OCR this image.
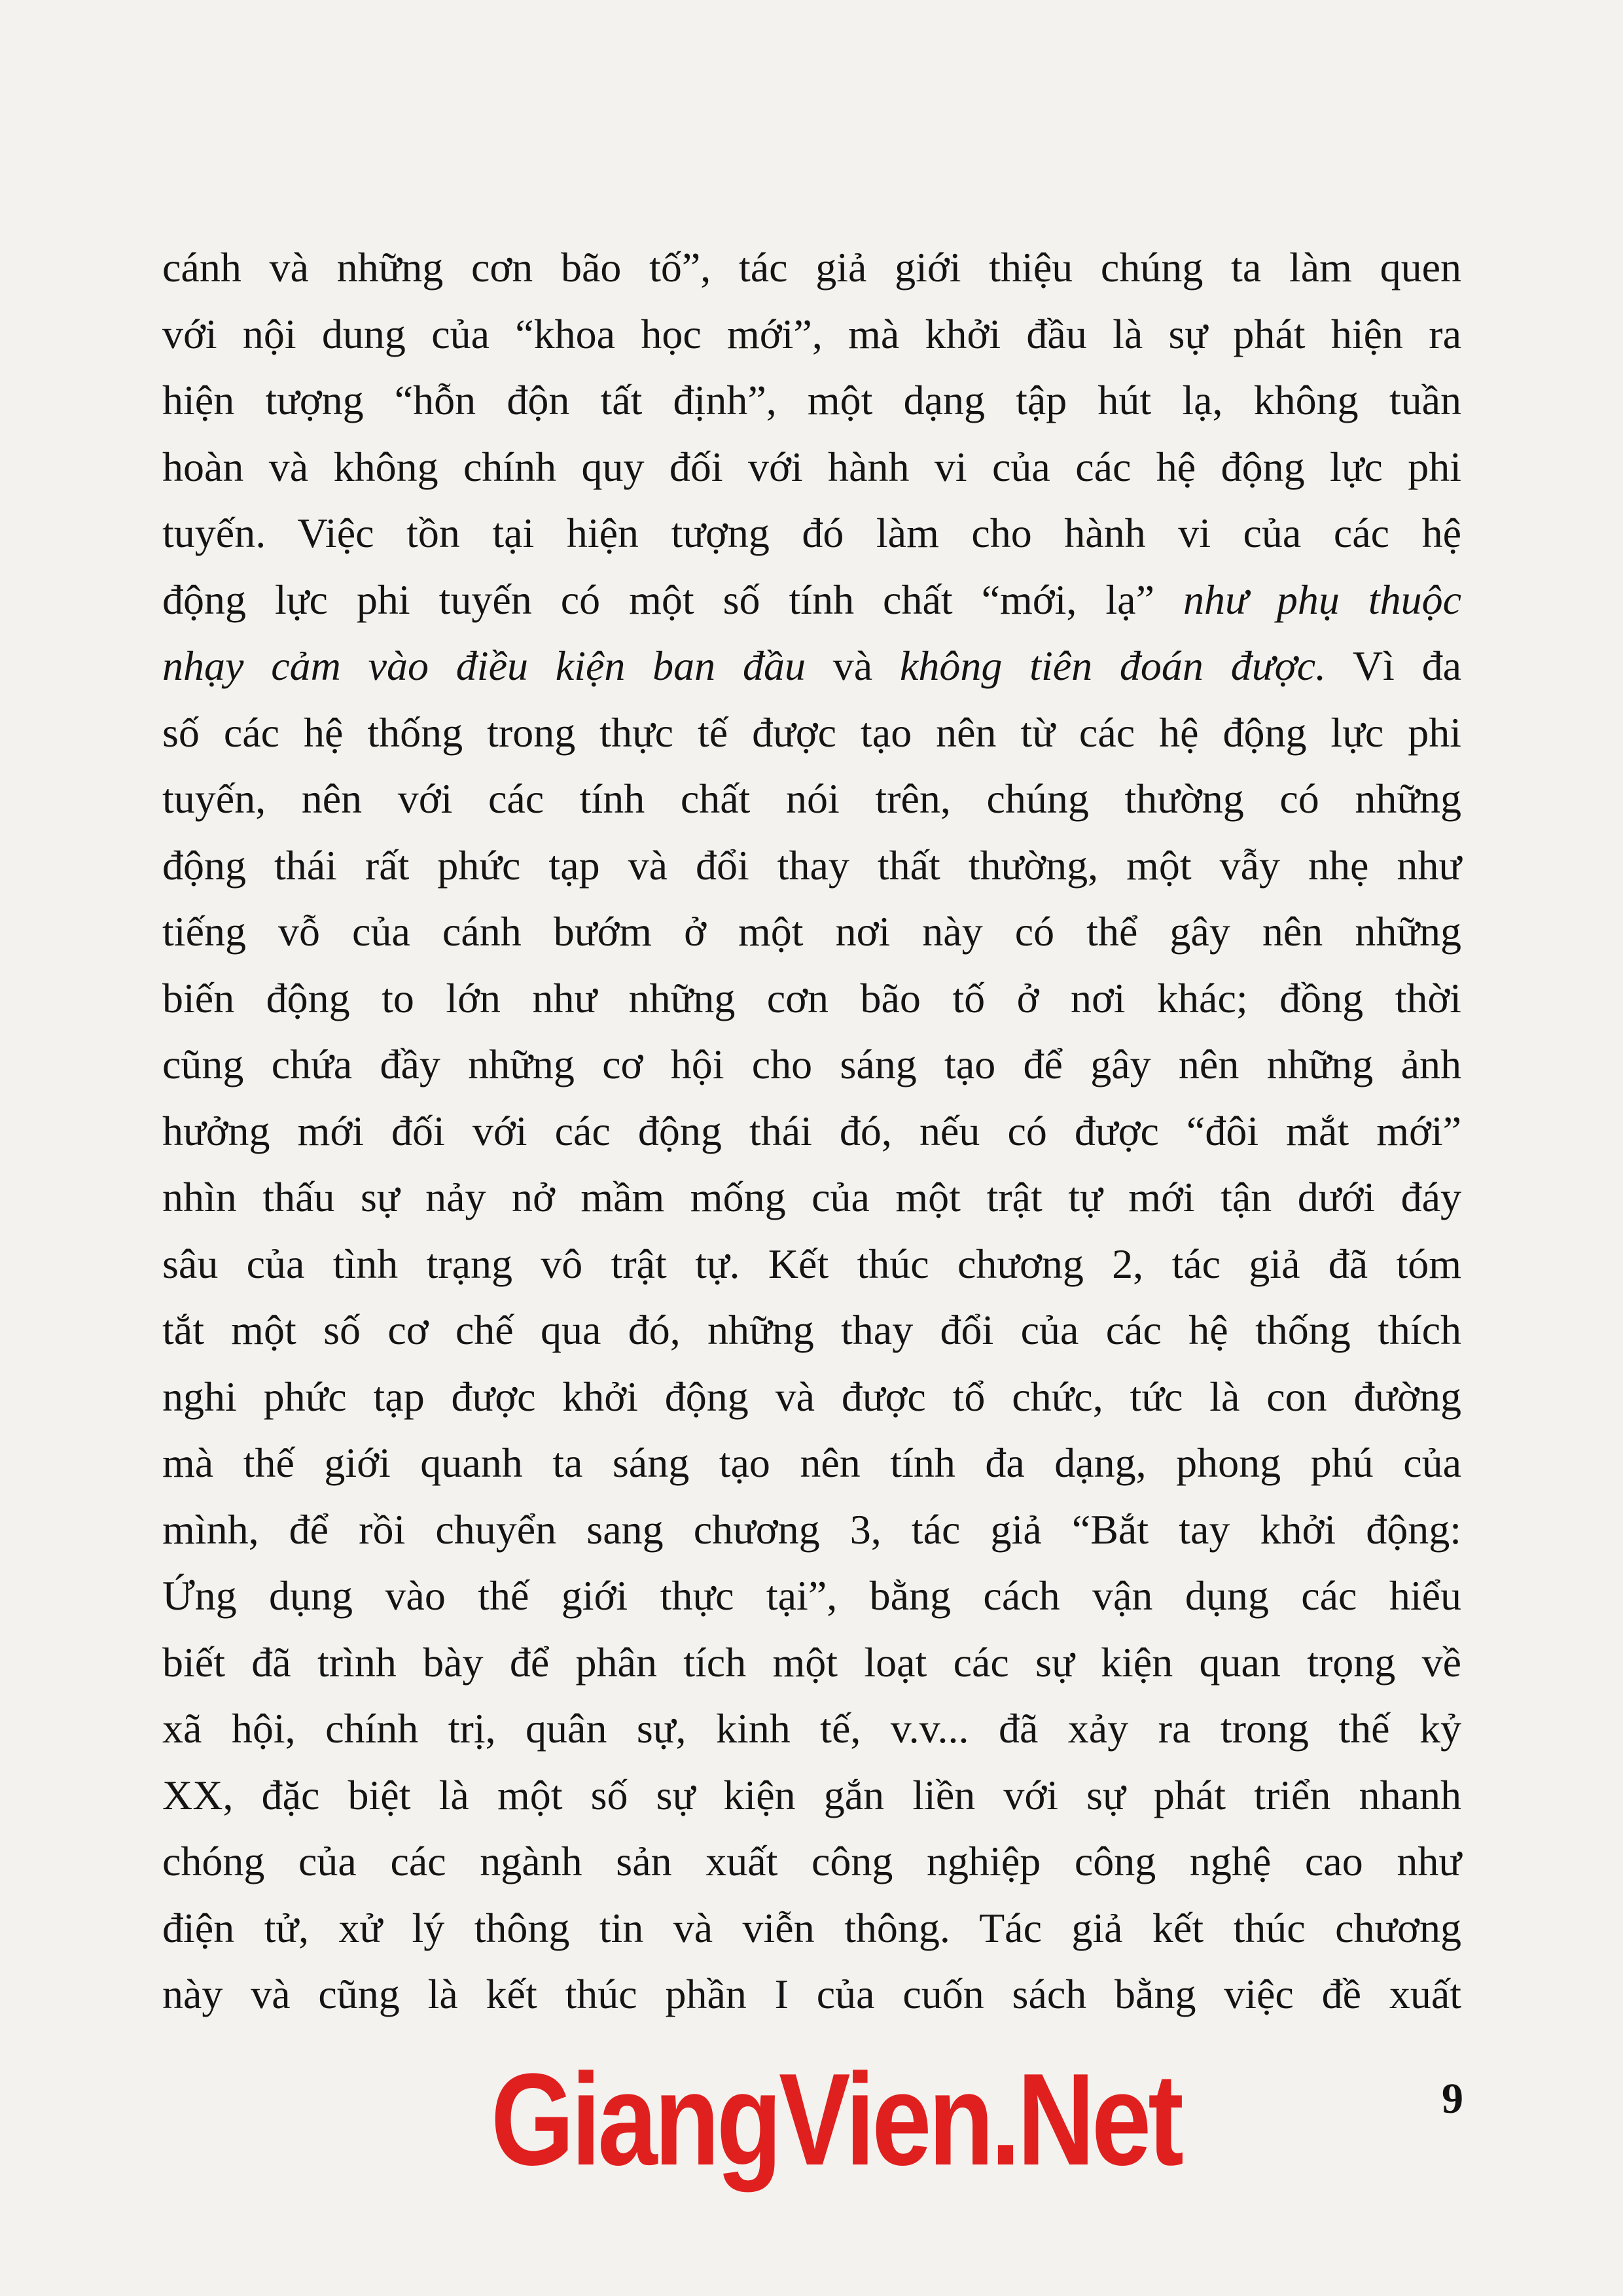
cánh và những cơn bão tố”, tác giả giới thiệu chúng ta làm quen
với nội dung của “khoa học mới”, mà khởi đầu là sự phát hiện ra
hiện tượng “hỗn độn tất định”, một dạng tập hút lạ, không tuần
hoàn và không chính quy đối với hành vi của các hệ động lực phi
tuyến. Việc tồn tại hiện tượng đó làm cho hành vi của các hệ
động lực phi tuyến có một số tính chất “mới, lạ” như phụ thuộc
nhạy cảm vào điều kiện ban đầu và không tiên đoán được. Vì đa
số các hệ thống trong thực tế được tạo nên từ các hệ động lực phi
tuyến, nên với các tính chất nói trên, chúng thường có những
động thái rất phức tạp và đổi thay thất thường, một vẫy nhẹ như
tiếng vỗ của cánh bướm ở một nơi này có thể gây nên những
biến động to lớn như những cơn bão tố ở nơi khác; đồng thời
cũng chứa đầy những cơ hội cho sáng tạo để gây nên những ảnh
hưởng mới đối với các động thái đó, nếu có được “đôi mắt mới”
nhìn thấu sự nảy nở mầm mống của một trật tự mới tận dưới đáy
sâu của tình trạng vô trật tự. Kết thúc chương 2, tác giả đã tóm
tắt một số cơ chế qua đó, những thay đổi của các hệ thống thích
nghi phức tạp được khởi động và được tổ chức, tức là con đường
mà thế giới quanh ta sáng tạo nên tính đa dạng, phong phú của
mình, để rồi chuyển sang chương 3, tác giả “Bắt tay khởi động:
Ứng dụng vào thế giới thực tại”, bằng cách vận dụng các hiểu
biết đã trình bày để phân tích một loạt các sự kiện quan trọng về
xã hội, chính trị, quân sự, kinh tế, v.v... đã xảy ra trong thế kỷ
XX, đặc biệt là một số sự kiện gắn liền với sự phát triển nhanh
chóng của các ngành sản xuất công nghiệp công nghệ cao như
điện tử, xử lý thông tin và viễn thông. Tác giả kết thúc chương
này và cũng là kết thúc phần I của cuốn sách bằng việc đề xuất
GiangVien.Net	9
